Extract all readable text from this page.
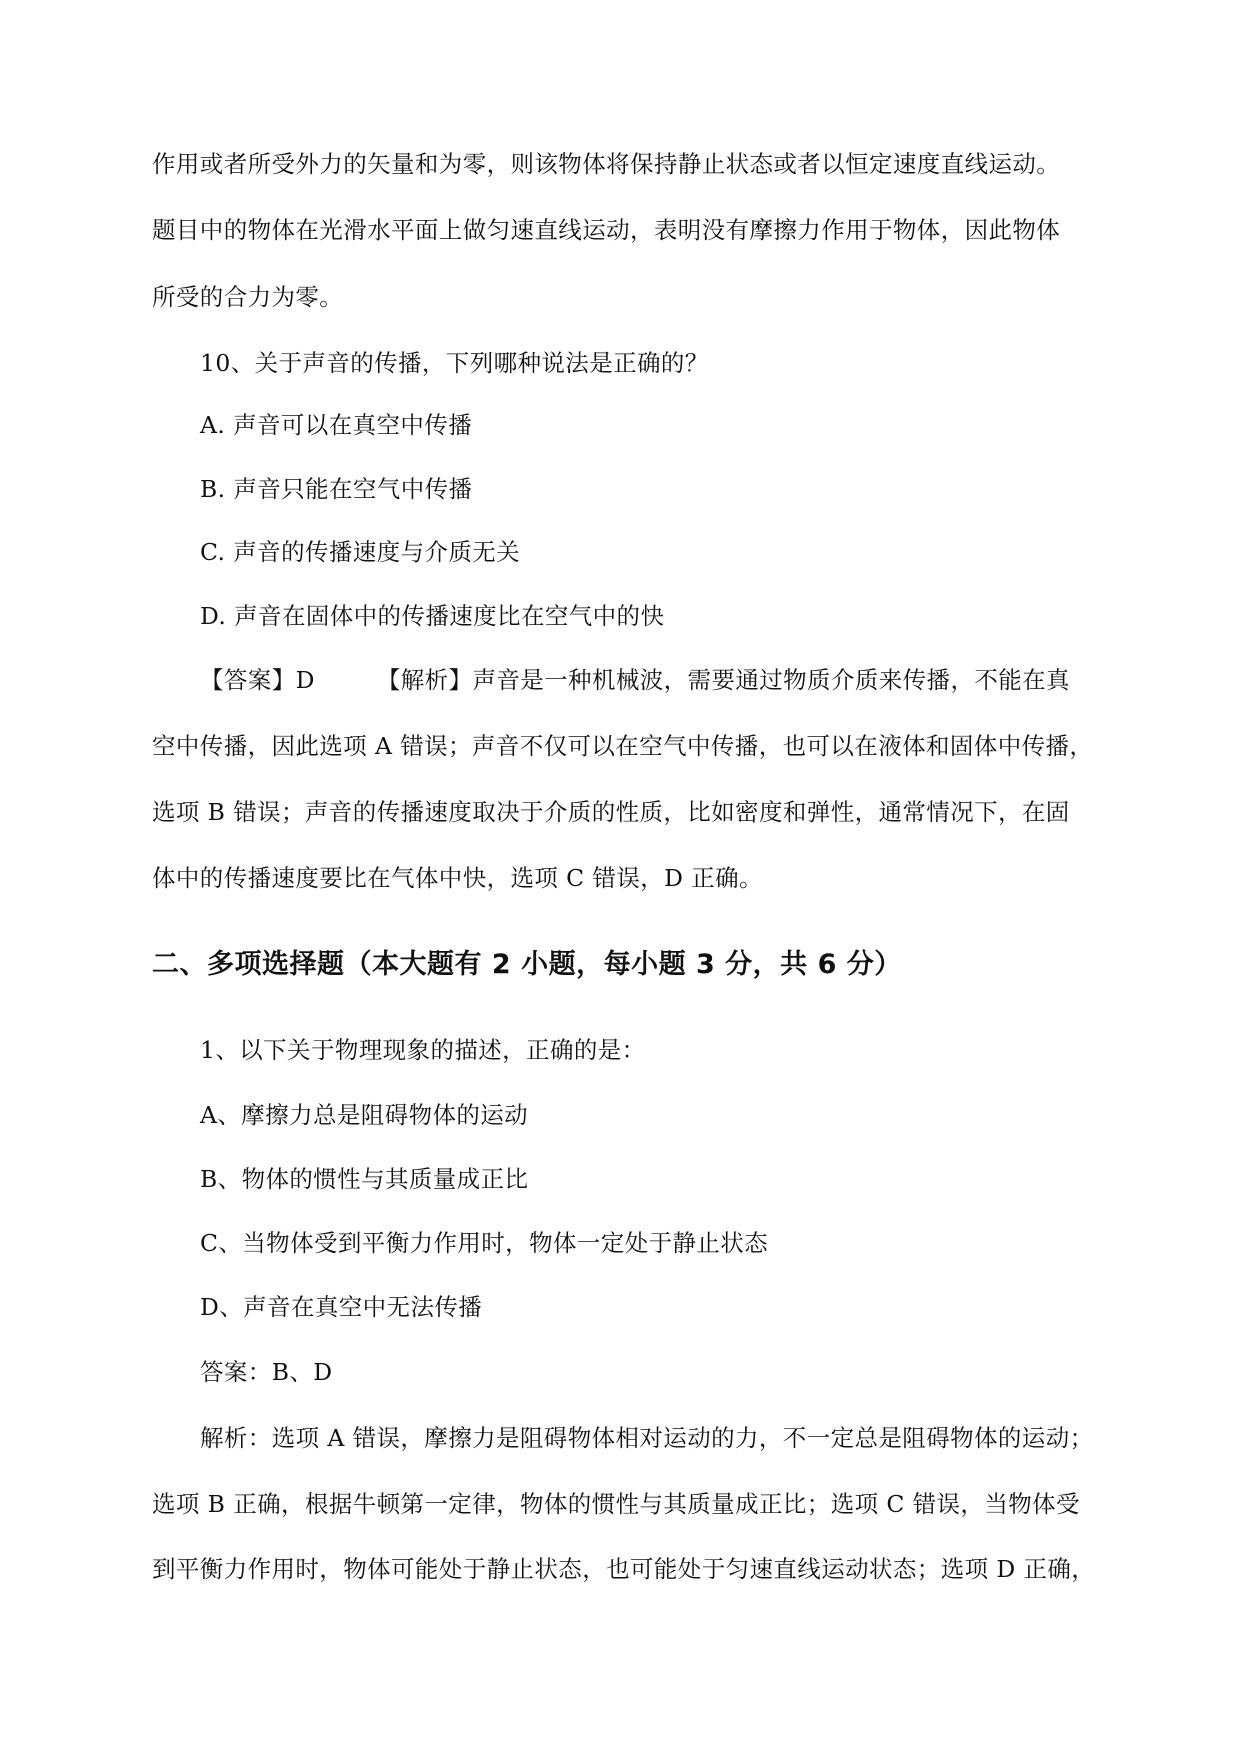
作用或者所受外力的矢量和为零，则该物体将保持静止状态或者以恒定速度直线运动。
题目中的物体在光滑水平面上做匀速直线运动，表明没有摩擦力作用于物体，因此物体
所受的合力为零。
10、关于声音的传播，下列哪种说法是正确的？
A. 声音可以在真空中传播
B. 声音只能在空气中传播
C. 声音的传播速度与介质无关
D. 声音在固体中的传播速度比在空气中的快
【答案】D	【解析】声音是一种机械波，需要通过物质介质来传播，不能在真
空中传播，因此选项 A 错误；声音不仅可以在空气中传播，也可以在液体和固体中传播，
选项 B 错误；声音的传播速度取决于介质的性质，比如密度和弹性，通常情况下，在固
体中的传播速度要比在气体中快，选项 C 错误，D 正确。
二、多项选择题（本大题有 2 小题，每小题 3 分，共 6 分）
1、以下关于物理现象的描述，正确的是：
A、摩擦力总是阻碍物体的运动
B、物体的惯性与其质量成正比
C、当物体受到平衡力作用时，物体一定处于静止状态
D、声音在真空中无法传播
答案：B、D
解析：选项 A 错误，摩擦力是阻碍物体相对运动的力，不一定总是阻碍物体的运动；
选项 B 正确，根据牛顿第一定律，物体的惯性与其质量成正比；选项 C 错误，当物体受
到平衡力作用时，物体可能处于静止状态，也可能处于匀速直线运动状态；选项 D 正确，
